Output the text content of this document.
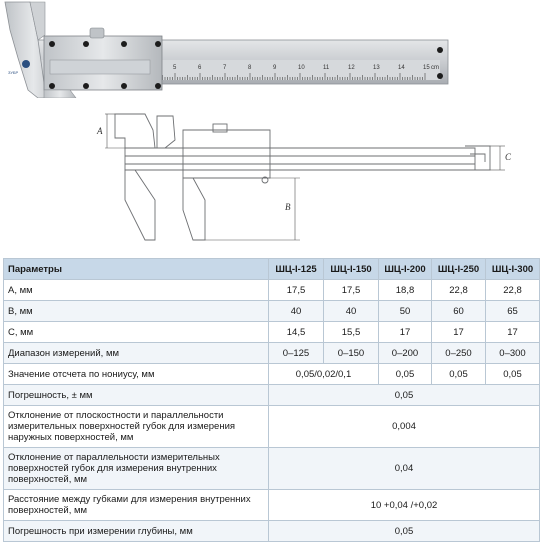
5	6	7	8	9	10	11	12	13	14	15 cm
ЗУБР
A
B
C
Параметры	ШЦ-I-125	ШЦ-I-150	ШЦ-I-200	ШЦ-I-250	ШЦ-I-300
А, мм	17,5	17,5	18,8	22,8	22,8
В, мм	40	40	50	60	65
С, мм	14,5	15,5	17	17	17
Диапазон измерений, мм	0–125	0–150	0–200	0–250	0–300
Значение отсчета по нониусу, мм	0,05/0,02/0,1		0,05	0,05	0,05
Погрешность, ± мм	0,05				
Отклонение от плоскостности и параллельности измерительных поверхностей губок для измерения наружных поверхностей, мм	0,004				
Отклонение от параллельности измерительных поверхностей губок для измерения внутренних поверхностей, мм	0,04				
Расстояние между губками для измерения внутренних поверхностей, мм	10 +0,04 /+0,02				
Погрешность при измерении глубины, мм	0,05				
